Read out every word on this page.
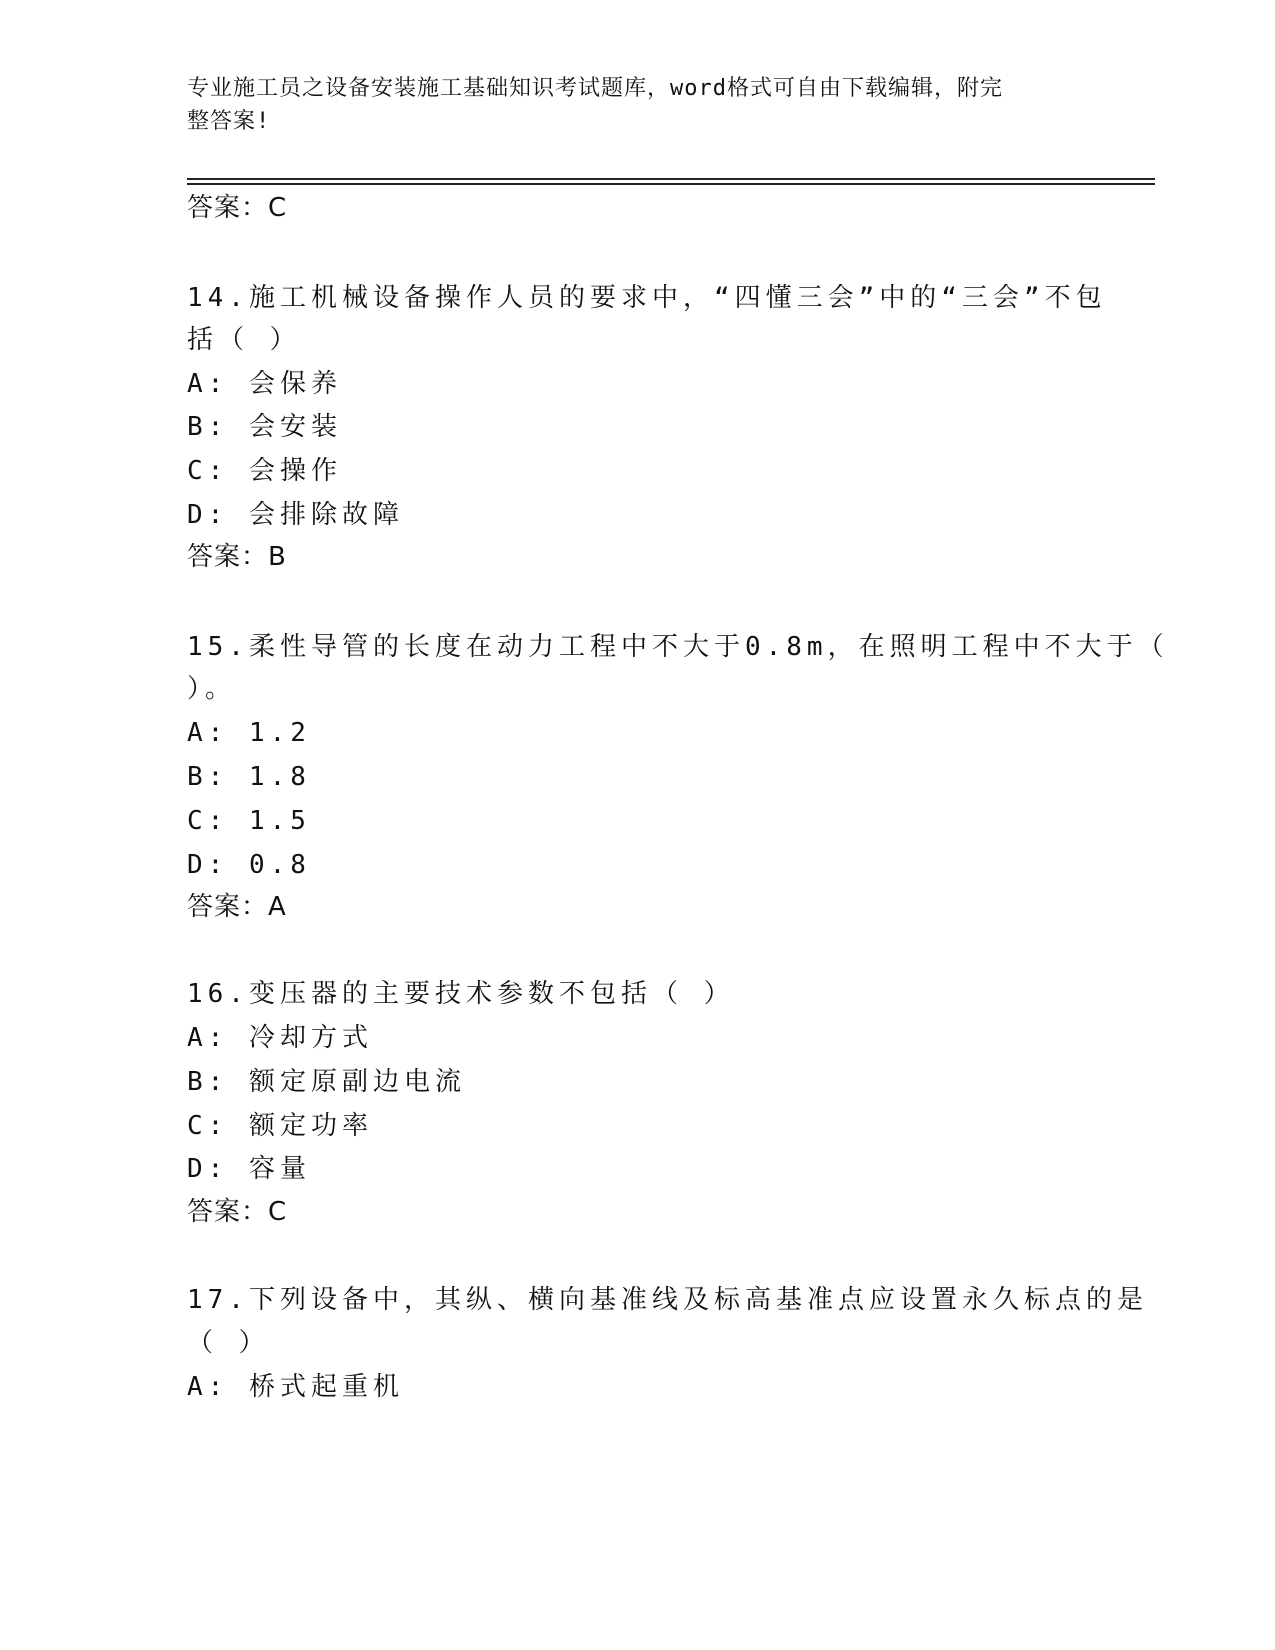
专业施工员之设备安装施工基础知识考试题库，word格式可自由下载编辑，附完
整答案!
答案：C
14.施工机械设备操作人员的要求中，“四懂三会”中的“三会”不包
括（ ）
A: 会保养
B: 会安装
C: 会操作
D: 会排除故障
答案：B
15.柔性导管的长度在动力工程中不大于0.8m，在照明工程中不大于（
）。
A: 1.2
B: 1.8
C: 1.5
D: 0.8
答案：A
16.变压器的主要技术参数不包括（ ）
A: 冷却方式
B: 额定原副边电流
C: 额定功率
D: 容量
答案：C
17.下列设备中，其纵、横向基准线及标高基准点应设置永久标点的是
（ ）
A: 桥式起重机
